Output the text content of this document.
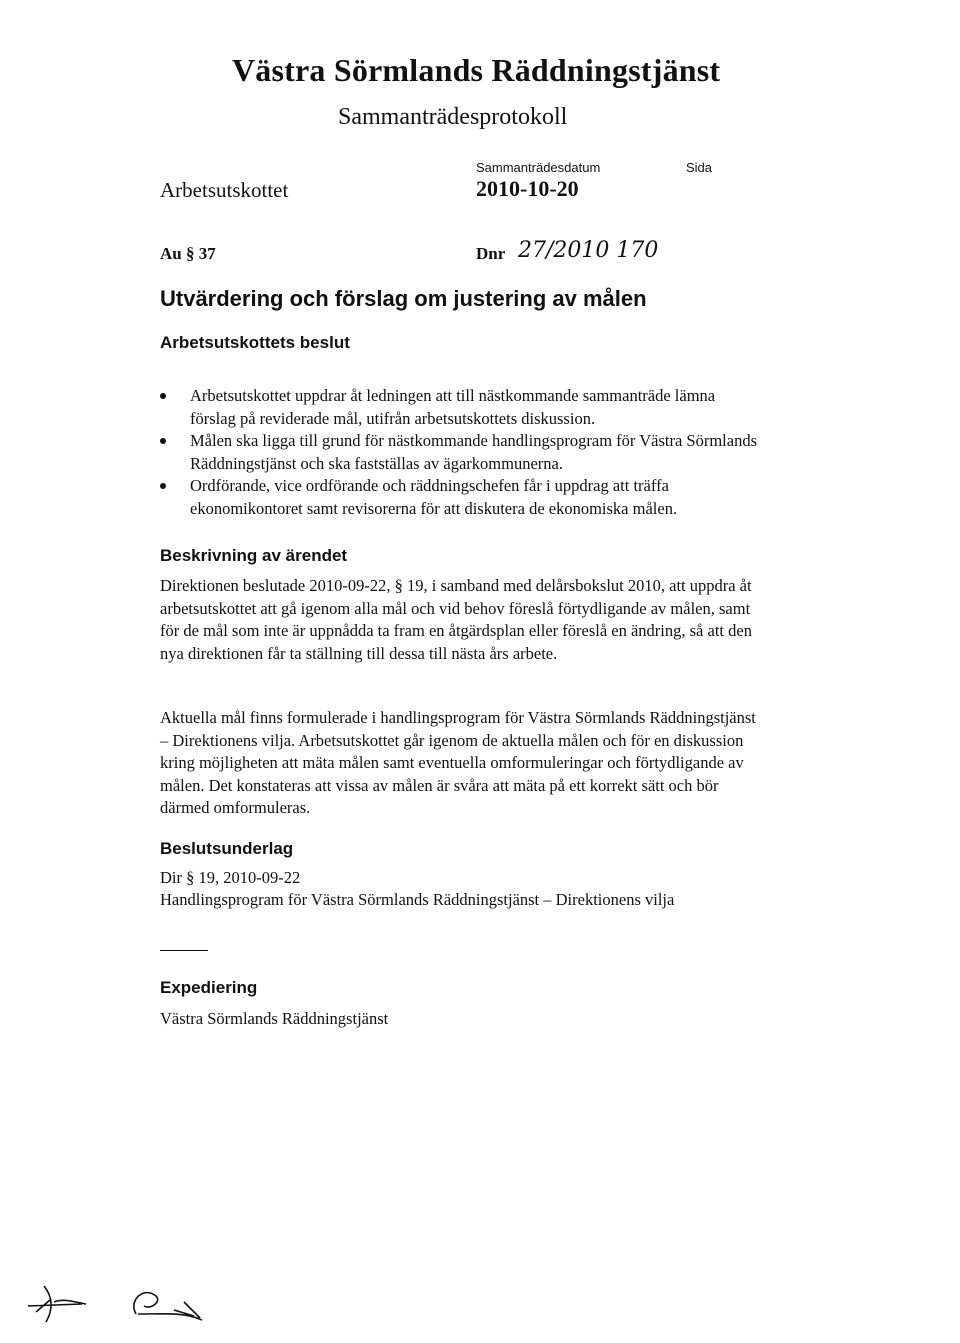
Västra Sörmlands Räddningstjänst
Sammanträdesprotokoll
Sammanträdesdatum	Sida
Arbetsutskottet	2010-10-20
Au § 37	Dnr 27/2010 170
Utvärdering och förslag om justering av målen
Arbetsutskottets beslut
Arbetsutskottet uppdrar åt ledningen att till nästkommande sammanträde lämna förslag på reviderade mål, utifrån arbetsutskottets diskussion.
Målen ska ligga till grund för nästkommande handlingsprogram för Västra Sörmlands Räddningstjänst och ska fastställas av ägarkommunerna.
Ordförande, vice ordförande och räddningschefen får i uppdrag att träffa ekonomikontoret samt revisorerna för att diskutera de ekonomiska målen.
Beskrivning av ärendet
Direktionen beslutade 2010-09-22, § 19, i samband med delårsbokslut 2010, att uppdra åt arbetsutskottet att gå igenom alla mål och vid behov föreslå förtydligande av målen, samt för de mål som inte är uppnådda ta fram en åtgärdsplan eller föreslå en ändring, så att den nya direktionen får ta ställning till dessa till nästa års arbete.
Aktuella mål finns formulerade i handlingsprogram för Västra Sörmlands Räddningstjänst – Direktionens vilja. Arbetsutskottet går igenom de aktuella målen och för en diskussion kring möjligheten att mäta målen samt eventuella omformuleringar och förtydligande av målen. Det konstateras att vissa av målen är svåra att mäta på ett korrekt sätt och bör därmed omformuleras.
Beslutsunderlag
Dir § 19, 2010-09-22
Handlingsprogram för Västra Sörmlands Räddningstjänst – Direktionens vilja
Expediering
Västra Sörmlands Räddningstjänst
